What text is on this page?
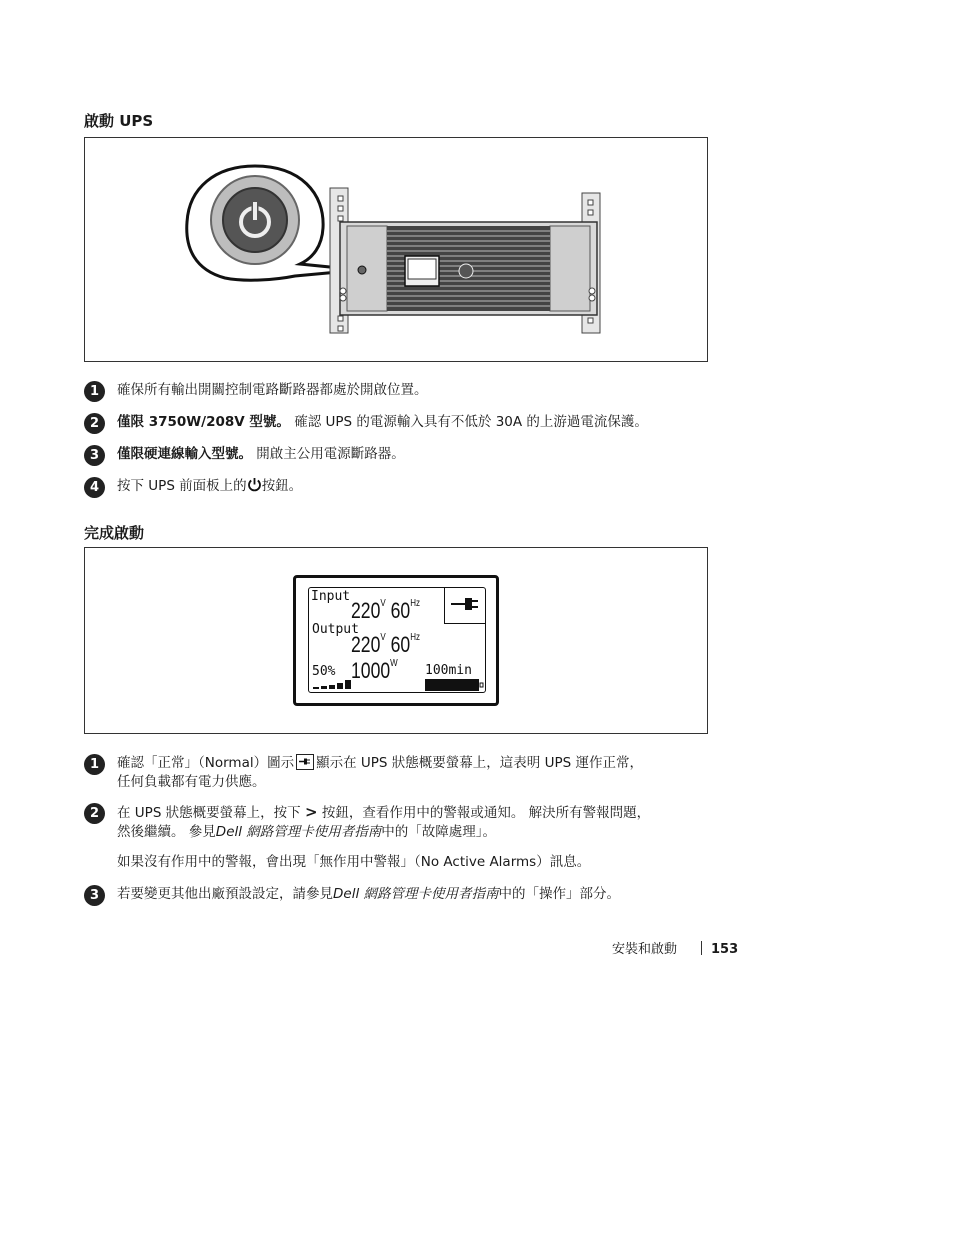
啟動 UPS
1	確保所有輸出開關控制電路斷路器都處於開啟位置。
2	僅限 3750W/208V 型號。 確認 UPS 的電源輸入具有不低於 30A 的上游過電流保護。
3	僅限硬連線輸入型號。 開啟主公用電源斷路器。
4	按下 UPS 前面板上的 按鈕。
完成啟動
Input
$220^V$ $60^{Hz}$
Output
$220^V$ $60^{Hz}$ $1000^W$
50%	100min
1	確認「正常」（Normal）圖示 顯示在 UPS 狀態概要螢幕上，這表明 UPS 運作正常，
任何負載都有電力供應。
2	在 UPS 狀態概要螢幕上，按下 > 按鈕，查看作用中的警報或通知。 解決所有警報問題，
然後繼續。 參見Dell 網路管理卡使用者指南中的「故障處理」。
如果沒有作用中的警報，會出現「無作用中警報」（No Active Alarms）訊息。
3	若要變更其他出廠預設設定，請參見Dell 網路管理卡使用者指南中的「操作」部分。
安裝和啟動	153
